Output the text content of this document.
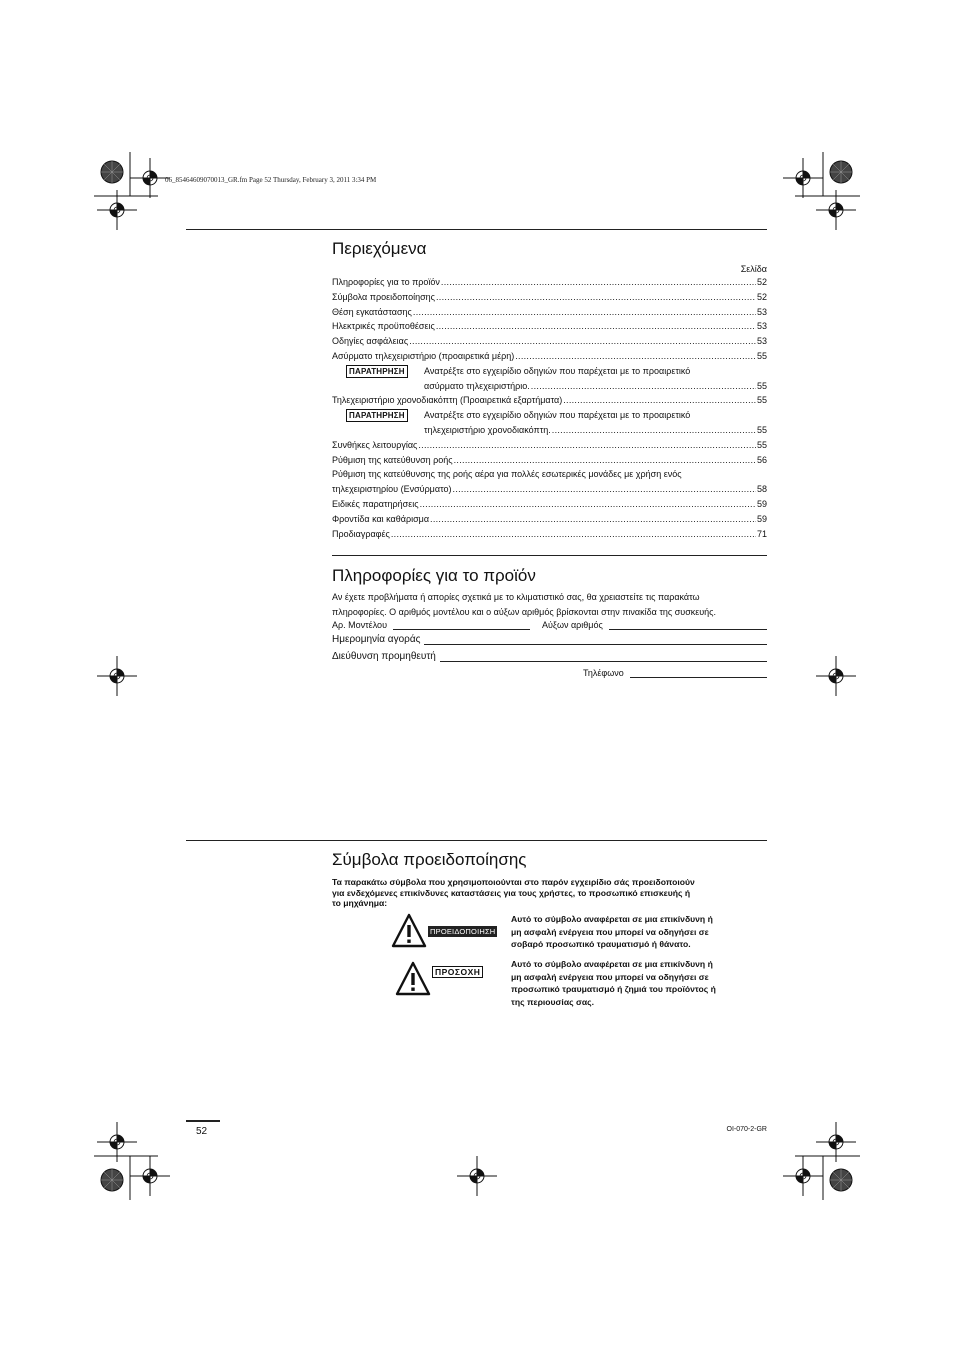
06_85464609070013_GR.fm Page 52 Thursday, February 3, 2011 3:34 PM
Περιεχόμενα
Σελίδα
Πληροφορίες για το προϊόν .....	52
Σύμβολα προειδοποίησης .....	52
Θέση εγκατάστασης .....	53
Ηλεκτρικές προϋποθέσεις .....	53
Οδηγίες ασφάλειας .....	53
Ασύρματο τηλεχειριστήριο (προαιρετικά μέρη) .....	55
ΠΑΡΑΤΗΡΗΣΗ	Ανατρέξτε στο εγχειρίδιο οδηγιών που παρέχεται με το προαιρετικό
ασύρματο τηλεχειριστήριο. .....	55
Τηλεχειριστήριο χρονοδιακόπτη (Προαιρετικά εξαρτήματα) .....	55
ΠΑΡΑΤΗΡΗΣΗ	Ανατρέξτε στο εγχειρίδιο οδηγιών που παρέχεται με το προαιρετικό
τηλεχειριστήριο χρονοδιακόπτη. .....	55
Συνθήκες λειτουργίας .....	55
Ρύθμιση της κατεύθυνση ροής .....	56
Ρύθμιση της κατεύθυνσης της ροής αέρα για πολλές εσωτερικές μονάδες με χρήση ενός
τηλεχειριστηρίου (Ενσύρματο) .....	58
Ειδικές παρατηρήσεις .....	59
Φροντίδα και καθάρισμα .....	59
Προδιαγραφές .....	71
Πληροφορίες για το προϊόν
Αν έχετε προβλήματα ή απορίες σχετικά με το κλιματιστικό σας, θα χρειαστείτε τις παρακάτω
πληροφορίες. Ο αριθμός μοντέλου και ο αύξων αριθμός βρίσκονται στην πινακίδα της συσκευής.
Αρ. Μοντέλου	Αύξων αριθμός
Ημερομηνία αγοράς
Διεύθυνση προμηθευτή
Τηλέφωνο
Σύμβολα προειδοποίησης
Τα παρακάτω σύμβολα που χρησιμοποιούνται στο παρόν εγχειρίδιο σάς προειδοποιούν
για ενδεχόμενες επικίνδυνες καταστάσεις για τους χρήστες, το προσωπικό επισκευής ή
το μηχάνημα:
ΠΡΟΕΙΔΟΠΟΙΗΣΗ
Αυτό το σύμβολο αναφέρεται σε μια επικίνδυνη ή
μη ασφαλή ενέργεια που μπορεί να οδηγήσει σε
σοβαρό προσωπικό τραυματισμό ή θάνατο.
ΠΡΟΣΟΧΗ
Αυτό το σύμβολο αναφέρεται σε μια επικίνδυνη ή
μη ασφαλή ενέργεια που μπορεί να οδηγήσει σε
προσωπικό τραυματισμό ή ζημιά του προϊόντος ή
της περιουσίας σας.
52	OI-070-2-GR
